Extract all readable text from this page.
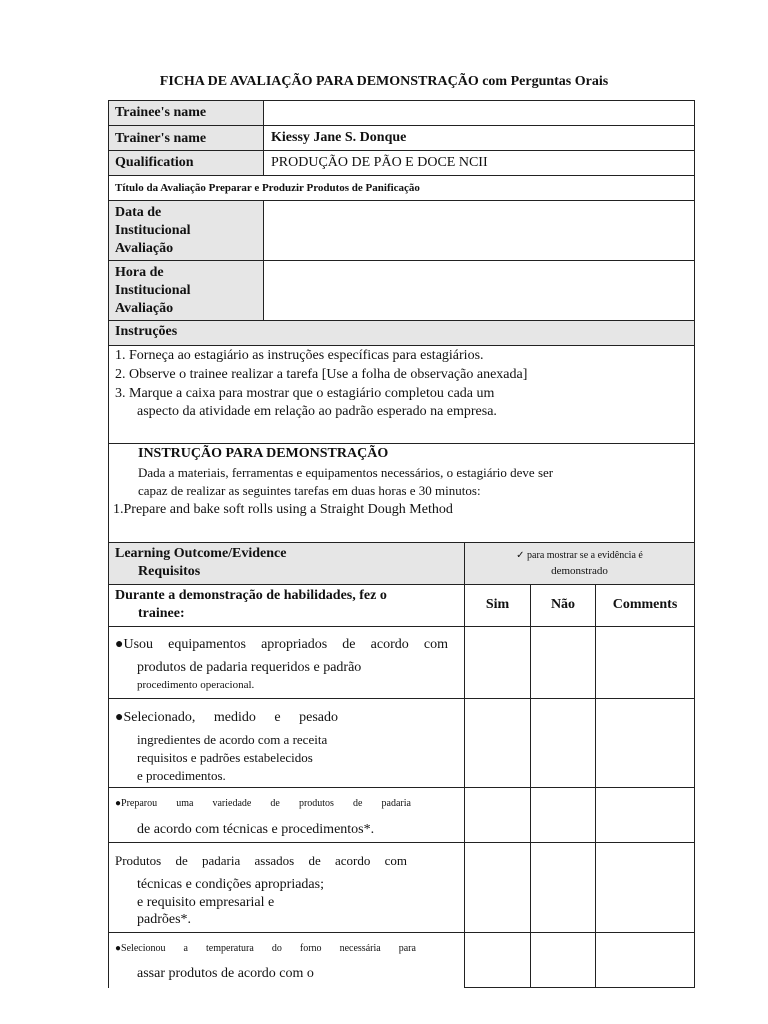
FICHA DE AVALIAÇÃO PARA DEMONSTRAÇÃO com Perguntas Orais
Trainee's name
Trainer's name	Kiessy Jane S. Donque
Qualification	PRODUÇÃO DE PÃO E DOCE NCII
Título da Avaliação Preparar e Produzir Produtos de Panificação
Data de
Institucional
Avaliação
Hora de
Institucional
Avaliação
Instruções
1. Forneça ao estagiário as instruções específicas para estagiários.
2. Observe o trainee realizar a tarefa [Use a folha de observação anexada]
3. Marque a caixa para mostrar que o estagiário completou cada um
aspecto da atividade em relação ao padrão esperado na empresa.
INSTRUÇÃO PARA DEMONSTRAÇÃO
Dada a materiais, ferramentas e equipamentos necessários, o estagiário deve ser
capaz de realizar as seguintes tarefas em duas horas e 30 minutos:
1.Prepare and bake soft rolls using a Straight Dough Method
Learning Outcome/Evidence
Requisitos
✓ para mostrar se a evidência é
demonstrado
Durante a demonstração de habilidades, fez o
trainee:
Sim	Não	Comments
●Usou equipamentos apropriados de acordo com
produtos de padaria requeridos e padrão
procedimento operacional.
●Selecionado, medido e pesado
ingredientes de acordo com a receita
requisitos e padrões estabelecidos
e procedimentos.
●Preparou uma variedade de produtos de padaria
de acordo com técnicas e procedimentos*.
Produtos de padaria assados de acordo com
técnicas e condições apropriadas;
e requisito empresarial e
padrões*.
●Selecionou a temperatura do forno necessária para
assar produtos de acordo com o
